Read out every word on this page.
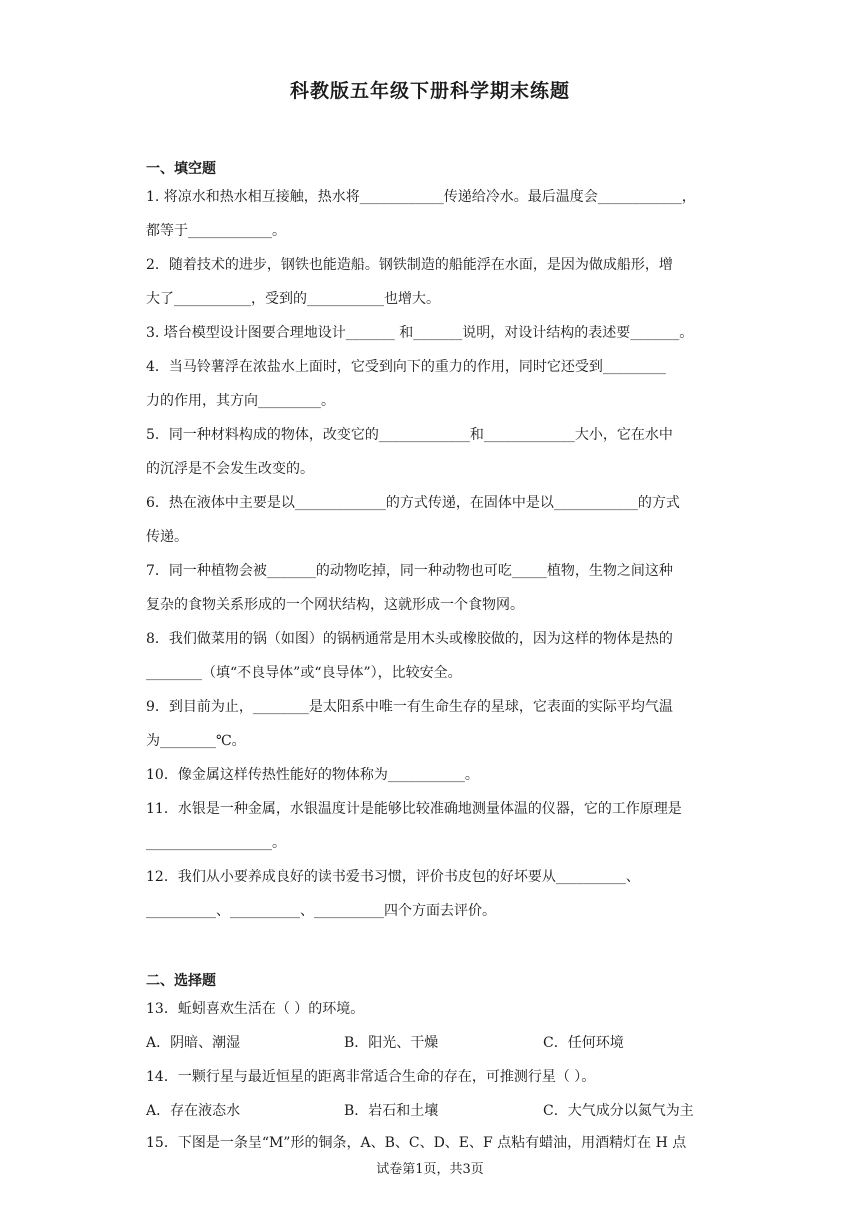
科教版五年级下册科学期末练题
一、填空题
1. 将凉水和热水相互接触，热水将____________传递给冷水。最后温度会____________，
都等于____________。
2．随着技术的进步，钢铁也能造船。钢铁制造的船能浮在水面，是因为做成船形，增
大了___________，受到的___________也增大。
3. 塔台模型设计图要合理地设计_______ 和_______说明，对设计结构的表述要_______。
4．当马铃薯浮在浓盐水上面时，它受到向下的重力的作用，同时它还受到_________
力的作用，其方向_________。
5．同一种材料构成的物体，改变它的_____________和_____________大小，它在水中
的沉浮是不会发生改变的。
6．热在液体中主要是以_____________的方式传递，在固体中是以____________的方式
传递。
7．同一种植物会被_______的动物吃掉，同一种动物也可吃_____植物，生物之间这种
复杂的食物关系形成的一个网状结构，这就形成一个食物网。
8．我们做菜用的锅（如图）的锅柄通常是用木头或橡胶做的，因为这样的物体是热的
________（填“不良导体”或“良导体”），比较安全。
9．到目前为止，________是太阳系中唯一有生命生存的星球，它表面的实际平均气温
为________℃。
10．像金属这样传热性能好的物体称为___________。
11．水银是一种金属，水银温度计是能够比较准确地测量体温的仪器，它的工作原理是
__________________。
12．我们从小要养成良好的读书爱书习惯，评价书皮包的好坏要从__________、
__________、__________、__________四个方面去评价。
二、选择题
13．蚯蚓喜欢生活在（ ）的环境。
A．阴暗、潮湿	B．阳光、干燥	C．任何环境
14．一颗行星与最近恒星的距离非常适合生命的存在，可推测行星（ ）。
A．存在液态水	B．岩石和土壤	C．大气成分以氮气为主
15．下图是一条呈“M”形的铜条，A、B、C、D、E、F 点粘有蜡油，用酒精灯在 H 点
试卷第1页，共3页
